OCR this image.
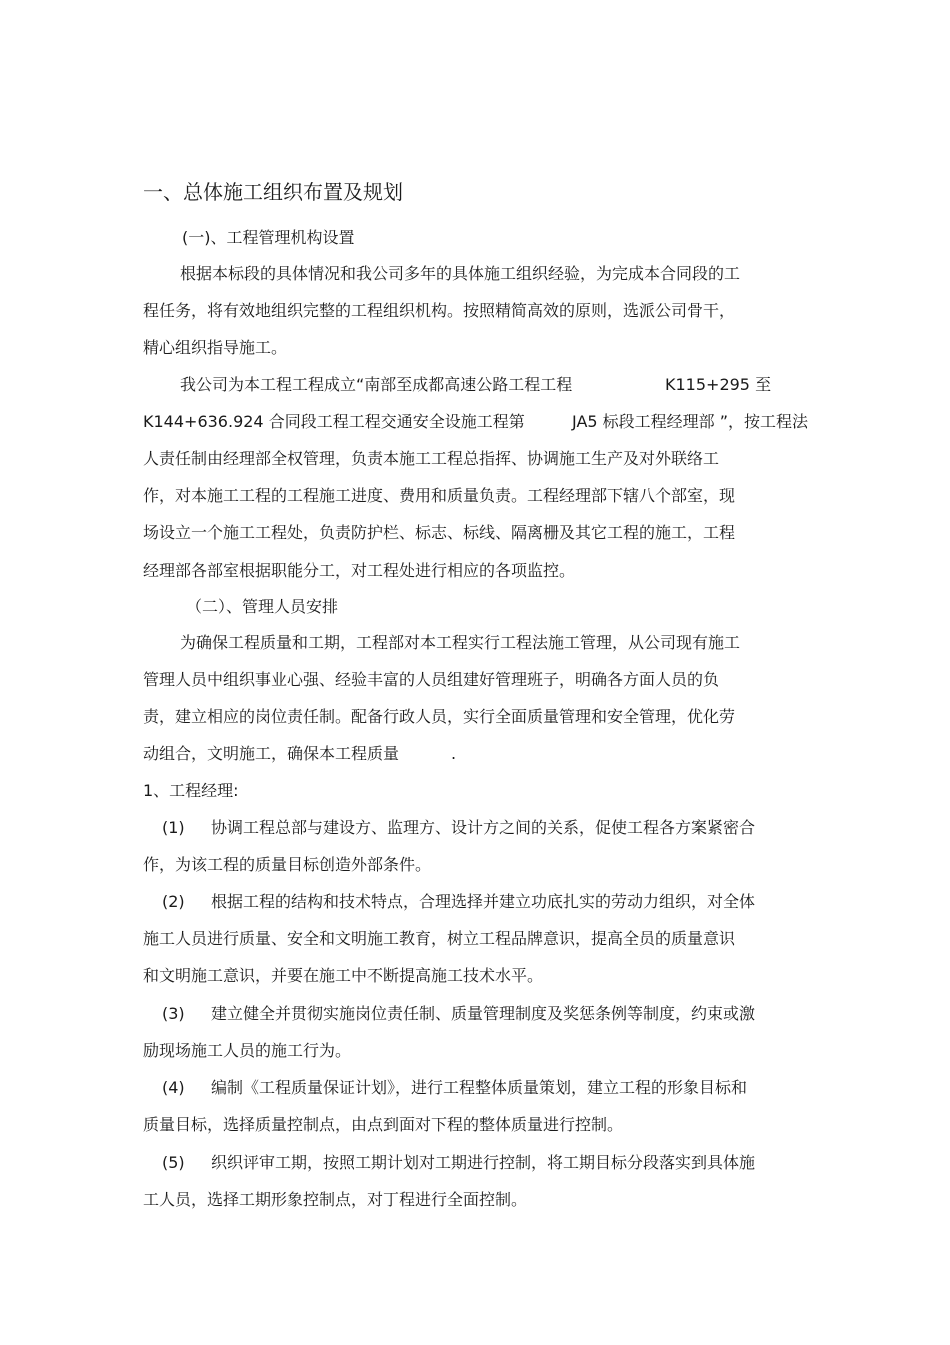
一、总体施工组织布置及规划
(一)、工程管理机构设置
根据本标段的具体情况和我公司多年的具体施工组织经验，为完成本合同段的工
程任务，将有效地组织完整的工程组织机构。按照精简高效的原则，选派公司骨干，
精心组织指导施工。
我公司为本工程工程成立“南部至成都高速公路工程工程	K115+295 至
K144+636.924 合同段工程工程交通安全设施工程第	JA5 标段工程经理部 ”，按工程法
人责任制由经理部全权管理，负责本施工工程总指挥、协调施工生产及对外联络工
作，对本施工工程的工程施工进度、费用和质量负责。工程经理部下辖八个部室，现
场设立一个施工工程处，负责防护栏、标志、标线、隔离栅及其它工程的施工，工程
经理部各部室根据职能分工，对工程处进行相应的各项监控。
（二）、管理人员安排
为确保工程质量和工期，工程部对本工程实行工程法施工管理，从公司现有施工
管理人员中组织事业心强、经验丰富的人员组建好管理班子，明确各方面人员的负
责，建立相应的岗位责任制。配备行政人员，实行全面质量管理和安全管理，优化劳
动组合，文明施工，确保本工程质量	.
1、工程经理:
(1) 协调工程总部与建设方、监理方、设计方之间的关系，促使工程各方案紧密合
作，为该工程的质量目标创造外部条件。
(2) 根据工程的结构和技术特点，合理选择并建立功底扎实的劳动力组织，对全体
施工人员进行质量、安全和文明施工教育，树立工程品牌意识，提高全员的质量意识
和文明施工意识，并要在施工中不断提高施工技术水平。
(3) 建立健全并贯彻实施岗位责任制、质量管理制度及奖惩条例等制度，约束或激
励现场施工人员的施工行为。
(4) 编制《工程质量保证计划》，进行工程整体质量策划，建立工程的形象目标和
质量目标，选择质量控制点，由点到面对下程的整体质量进行控制。
(5) 织织评审工期，按照工期计划对工期进行控制，将工期目标分段落实到具体施
工人员，选择工期形象控制点，对丁程进行全面控制。
